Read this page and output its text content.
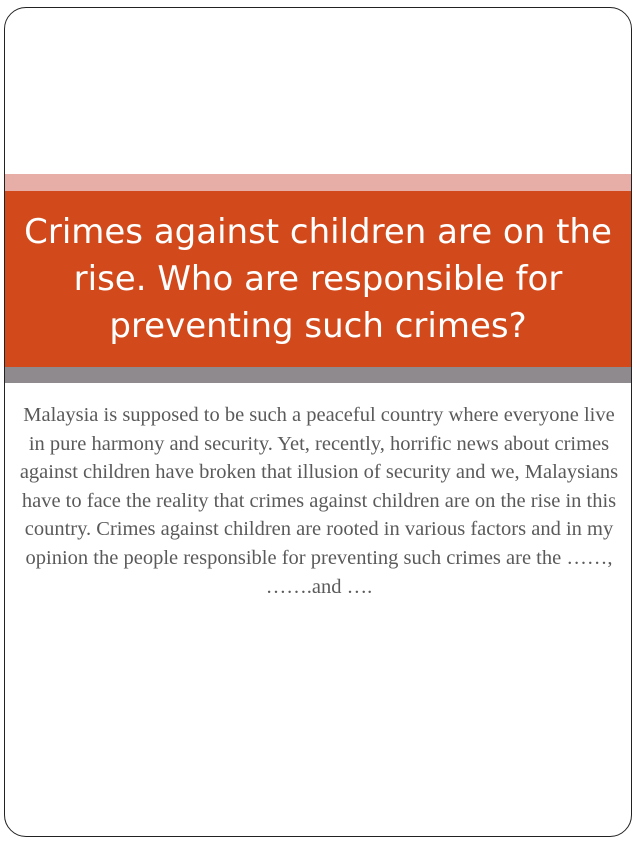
Crimes against children are on the rise. Who are responsible for preventing such crimes?

Malaysia is supposed to be such a peaceful country where everyone live in pure harmony and security. Yet, recently, horrific news about crimes against children have broken that illusion of security and we, Malaysians have to face the reality that crimes against children are on the rise in this country. Crimes against children are rooted in various factors and in my opinion the people responsible for preventing such crimes are the ……, …….and ….
